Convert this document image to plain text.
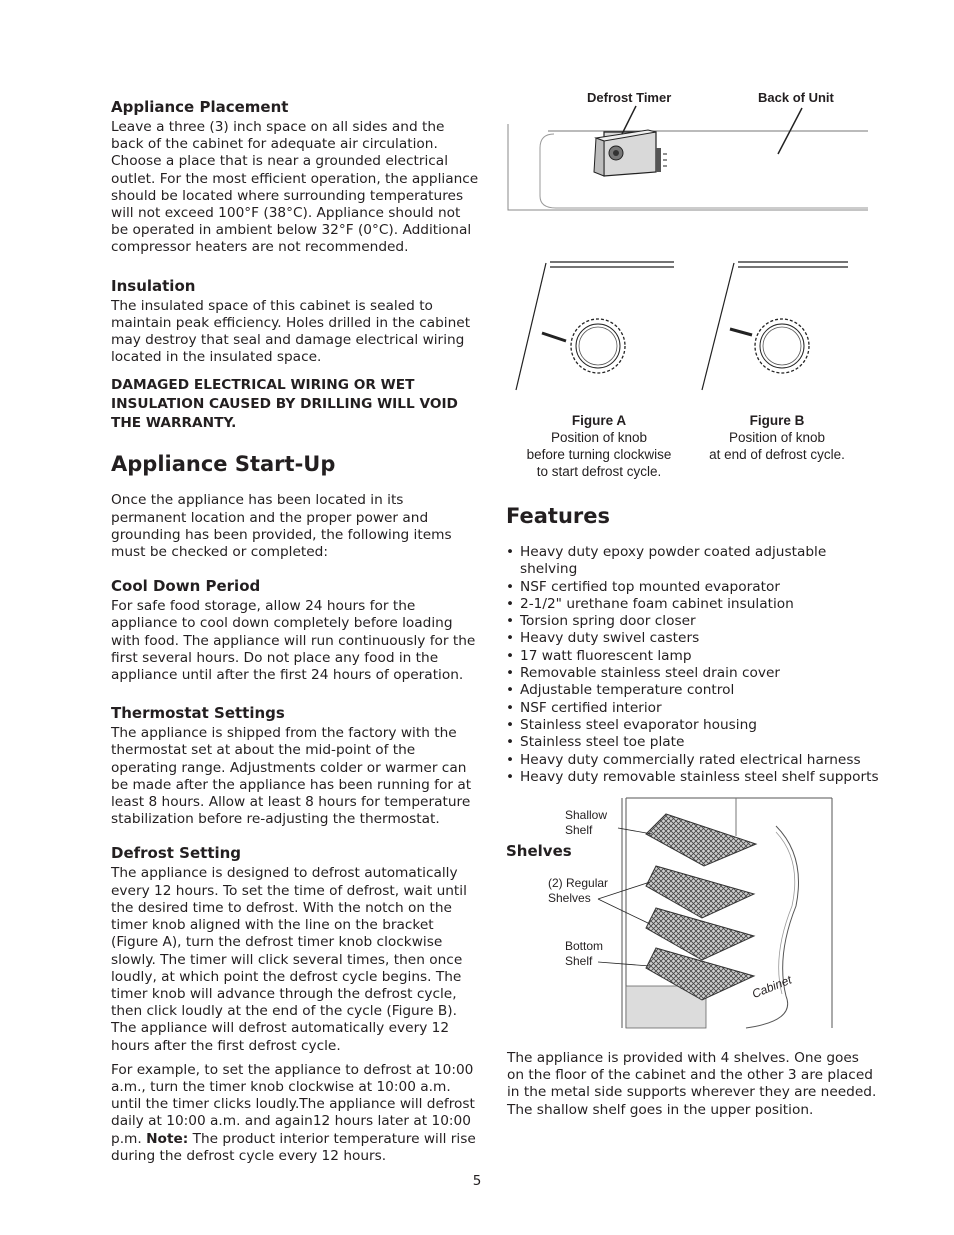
Appliance Placement

Leave a three (3) inch space on all sides and the back of the cabinet for adequate air circulation. Choose a place that is near a grounded electrical outlet. For the most efficient operation, the appliance should be located where surrounding temperatures will not exceed 100°F (38°C). Appliance should not be operated in ambient below 32°F (0°C). Additional compressor heaters are not recommended.

Insulation

The insulated space of this cabinet is sealed to maintain peak efficiency. Holes drilled in the cabinet may destroy that seal and damage electrical wiring located in the insulated space.

DAMAGED ELECTRICAL WIRING OR WET INSULATION CAUSED BY DRILLING WILL VOID THE WARRANTY.

Appliance Start-Up

Once the appliance has been located in its permanent location and the proper power and grounding has been provided, the following items must be checked or completed:

Cool Down Period

For safe food storage, allow 24 hours for the appliance to cool down completely before loading with food. The appliance will run continuously for the first several hours. Do not place any food in the appliance until after the first 24 hours of operation.

Thermostat Settings

The appliance is shipped from the factory with the thermostat set at about the mid-point of the operating range. Adjustments colder or warmer can be made after the appliance has been running for at least 8 hours. Allow at least 8 hours for temperature stabilization before re-adjusting the thermostat.

Defrost Setting

The appliance is designed to defrost automatically every 12 hours. To set the time of defrost, wait until the desired time to defrost. With the notch on the timer knob aligned with the line on the bracket (Figure A), turn the defrost timer knob clockwise slowly. The timer will click several times, then once loudly, at which point the defrost cycle begins. The timer knob will advance through the defrost cycle, then click loudly at the end of the cycle (Figure B). The appliance will defrost automatically every 12 hours after the first defrost cycle.

For example, to set the appliance to defrost at 10:00 a.m., turn the timer knob clockwise at 10:00 a.m. until the timer clicks loudly.The appliance will defrost daily at 10:00 a.m. and again12 hours later at 10:00 p.m. Note: The product interior temperature will rise during the defrost cycle every 12 hours.

Defrost Timer	Back of Unit
Figure A
Position of knob
before turning clockwise
to start defrost cycle.
Figure B
Position of knob
at end of defrost cycle.
Features
• Heavy duty epoxy powder coated adjustable shelving
• NSF certified top mounted evaporator
• 2-1/2" urethane foam cabinet insulation
• Torsion spring door closer
• Heavy duty swivel casters
• 17 watt fluorescent lamp
• Removable stainless steel drain cover
• Adjustable temperature control
• NSF certified interior
• Stainless steel evaporator housing
• Stainless steel toe plate
• Heavy duty commercially rated electrical harness
• Heavy duty removable stainless steel shelf supports
Shelves
Shallow
Shelf
(2) Regular
Shelves
Bottom
Shelf
Cabinet

The appliance is provided with 4 shelves. One goes on the floor of the cabinet and the other 3 are placed in the metal side supports wherever they are needed. The shallow shelf goes in the upper position.

5
